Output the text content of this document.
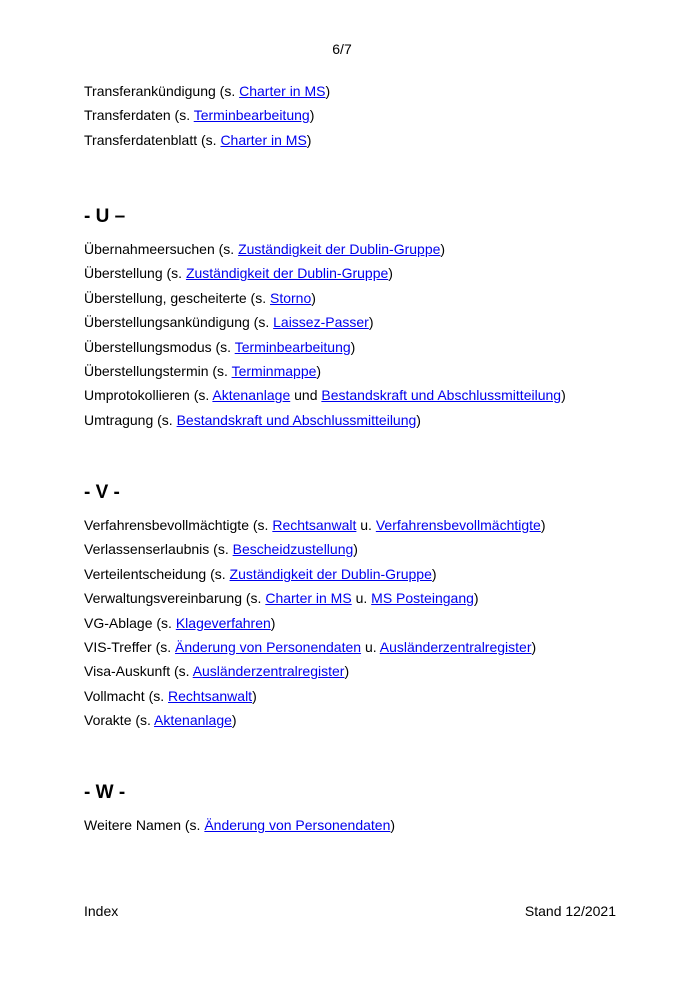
6/7
Transferankündigung (s. Charter in MS)
Transferdaten (s. Terminbearbeitung)
Transferdatenblatt (s. Charter in MS)
- U –
Übernahmeersuchen (s. Zuständigkeit der Dublin-Gruppe)
Überstellung (s. Zuständigkeit der Dublin-Gruppe)
Überstellung, gescheiterte (s. Storno)
Überstellungsankündigung (s. Laissez-Passer)
Überstellungsmodus (s. Terminbearbeitung)
Überstellungstermin (s. Terminmappe)
Umprotokollieren (s. Aktenanlage und Bestandskraft und Abschlussmitteilung)
Umtragung (s. Bestandskraft und Abschlussmitteilung)
- V -
Verfahrensbevollmächtigte (s. Rechtsanwalt u. Verfahrensbevollmächtigte)
Verlassenserlaubnis (s. Bescheidzustellung)
Verteilentscheidung (s. Zuständigkeit der Dublin-Gruppe)
Verwaltungsvereinbarung (s. Charter in MS u. MS Posteingang)
VG-Ablage (s. Klageverfahren)
VIS-Treffer (s. Änderung von Personendaten u. Ausländerzentralregister)
Visa-Auskunft (s. Ausländerzentralregister)
Vollmacht (s. Rechtsanwalt)
Vorakte (s. Aktenanlage)
- W -
Weitere Namen (s. Änderung von Personendaten)
Index	Stand 12/2021
